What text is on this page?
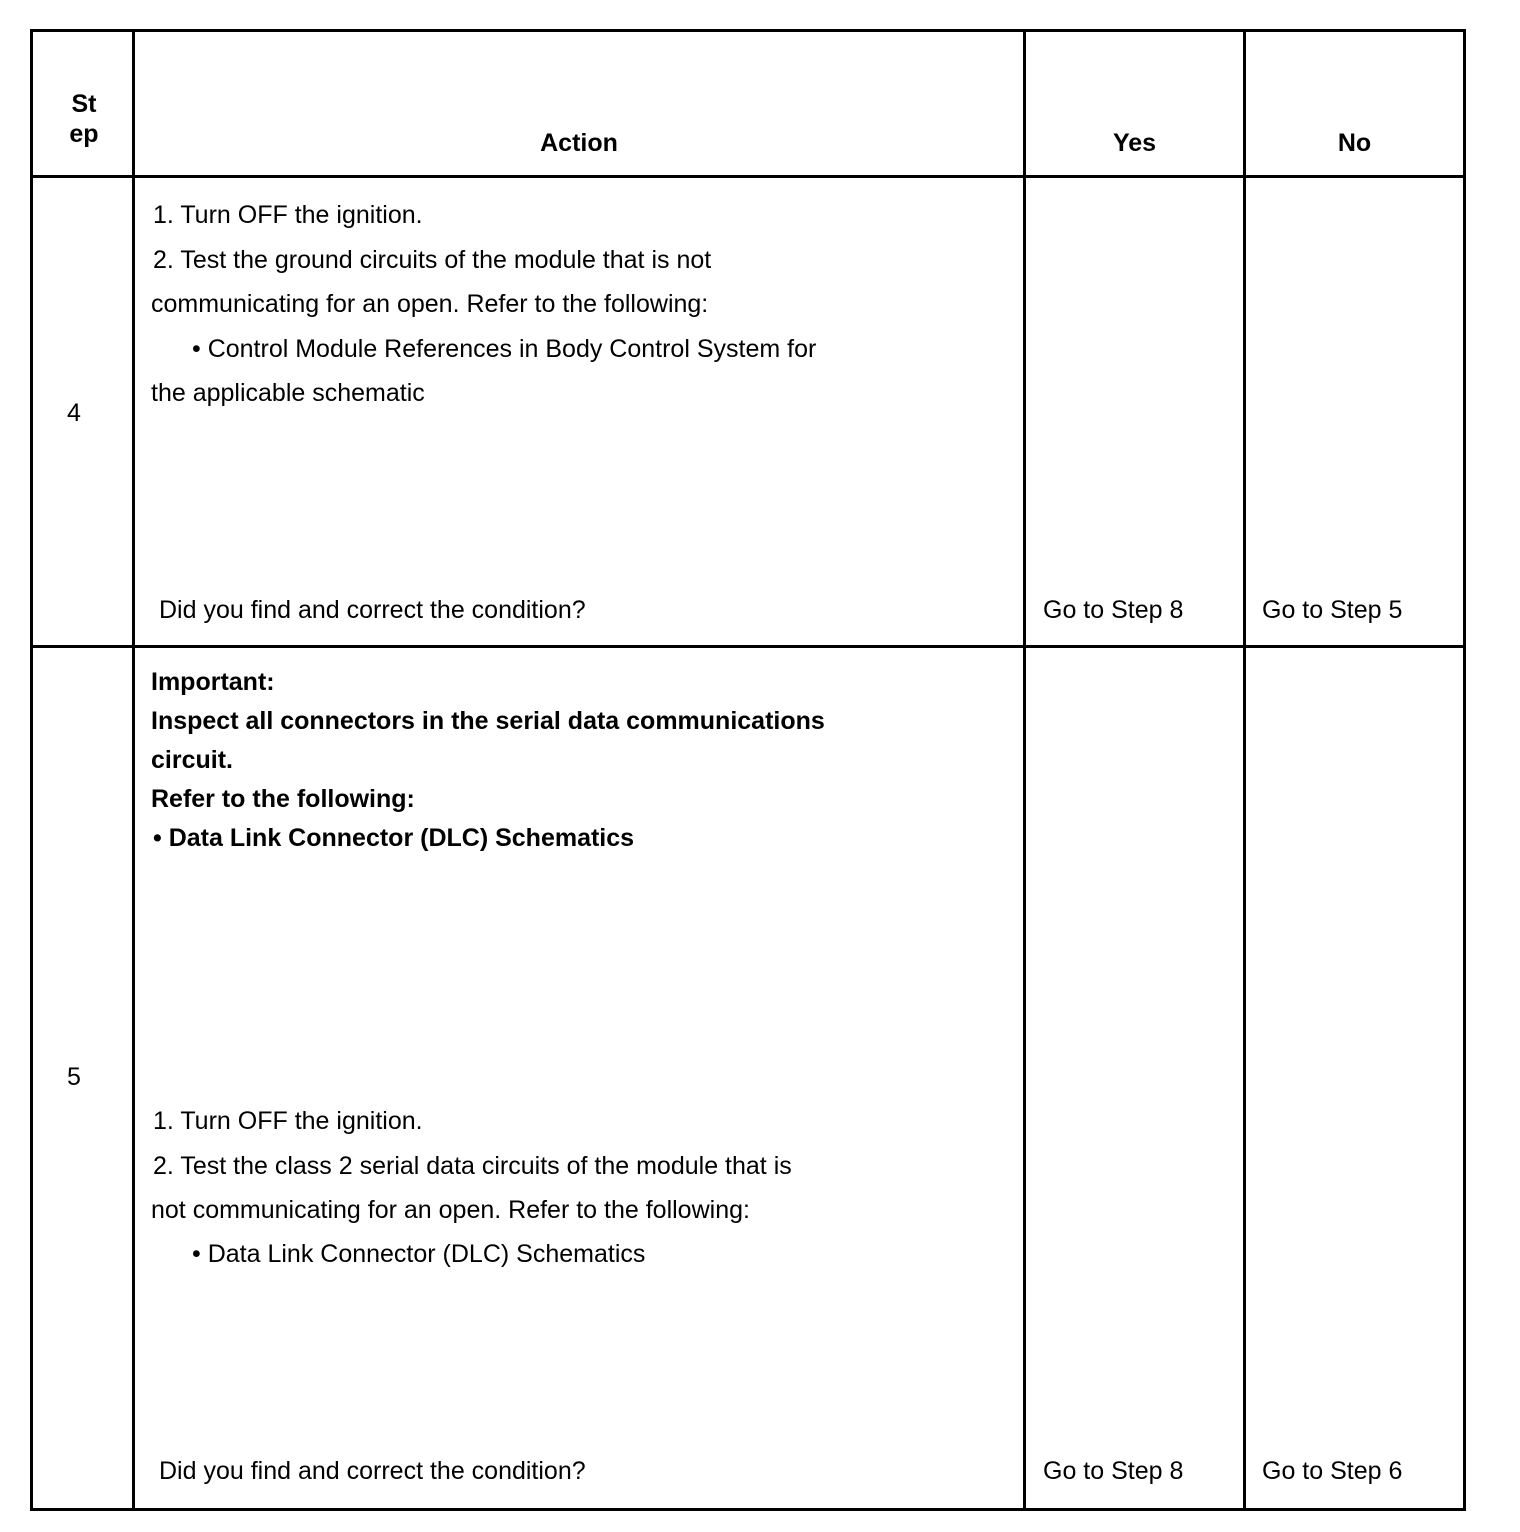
St
ep	Action	Yes	No
4
1. Turn OFF the ignition.
2. Test the ground circuits of the module that is not
communicating for an open. Refer to the following:
• Control Module References in Body Control System for
the applicable schematic
Did you find and correct the condition?	Go to Step 8	Go to Step 5
5
Important:
Inspect all connectors in the serial data communications
circuit.
Refer to the following:
• Data Link Connector (DLC) Schematics
1. Turn OFF the ignition.
2. Test the class 2 serial data circuits of the module that is
not communicating for an open. Refer to the following:
• Data Link Connector (DLC) Schematics
Did you find and correct the condition?	Go to Step 8	Go to Step 6
